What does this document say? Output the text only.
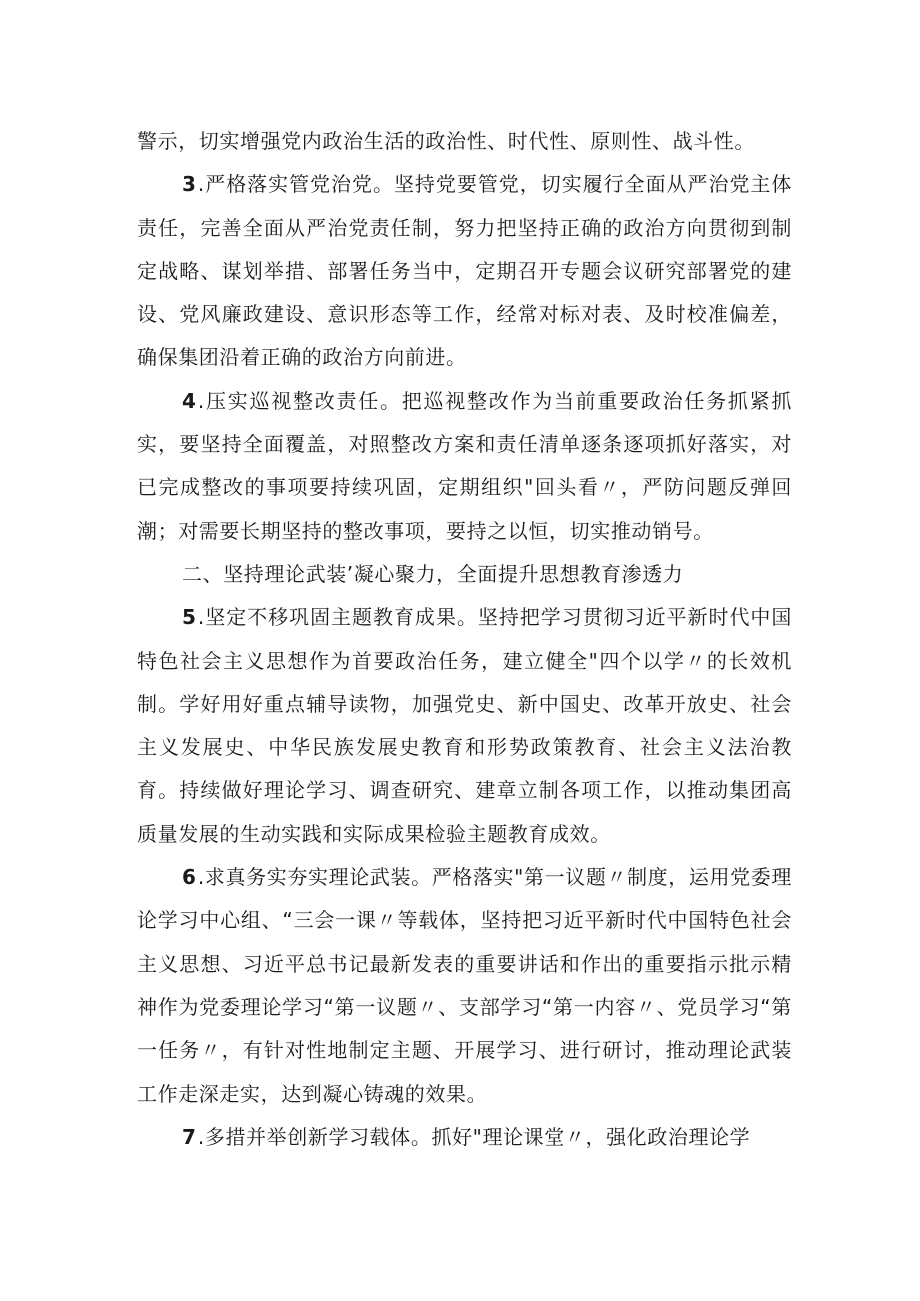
警示，切实增强党内政治生活的政治性、时代性、原则性、战斗性。

3.严格落实管党治党。坚持党要管党，切实履行全面从严治党主体责任，完善全面从严治党责任制，努力把坚持正确的政治方向贯彻到制定战略、谋划举措、部署任务当中，定期召开专题会议研究部署党的建设、党风廉政建设、意识形态等工作，经常对标对表、及时校准偏差，确保集团沿着正确的政治方向前进。

4.压实巡视整改责任。把巡视整改作为当前重要政治任务抓紧抓实，要坚持全面覆盖，对照整改方案和责任清单逐条逐项抓好落实，对已完成整改的事项要持续巩固，定期组织"回头看〃，严防问题反弹回潮；对需要长期坚持的整改事项，要持之以恒，切实推动销号。

二、坚持理论武装’凝心聚力，全面提升思想教育渗透力

5.坚定不移巩固主题教育成果。坚持把学习贯彻习近平新时代中国特色社会主义思想作为首要政治任务，建立健全"四个以学〃的长效机制。学好用好重点辅导读物，加强党史、新中国史、改革开放史、社会主义发展史、中华民族发展史教育和形势政策教育、社会主义法治教育。持续做好理论学习、调查研究、建章立制各项工作，以推动集团高质量发展的生动实践和实际成果检验主题教育成效。

6.求真务实夯实理论武装。严格落实"第一议题〃制度，运用党委理论学习中心组、“三会一课〃等载体，坚持把习近平新时代中国特色社会主义思想、习近平总书记最新发表的重要讲话和作出的重要指示批示精神作为党委理论学习“第一议题〃、支部学习“第一内容〃、党员学习“第一任务〃，有针对性地制定主题、开展学习、进行研讨，推动理论武装工作走深走实，达到凝心铸魂的效果。

7.多措并举创新学习载体。抓好"理论课堂〃，强化政治理论学
